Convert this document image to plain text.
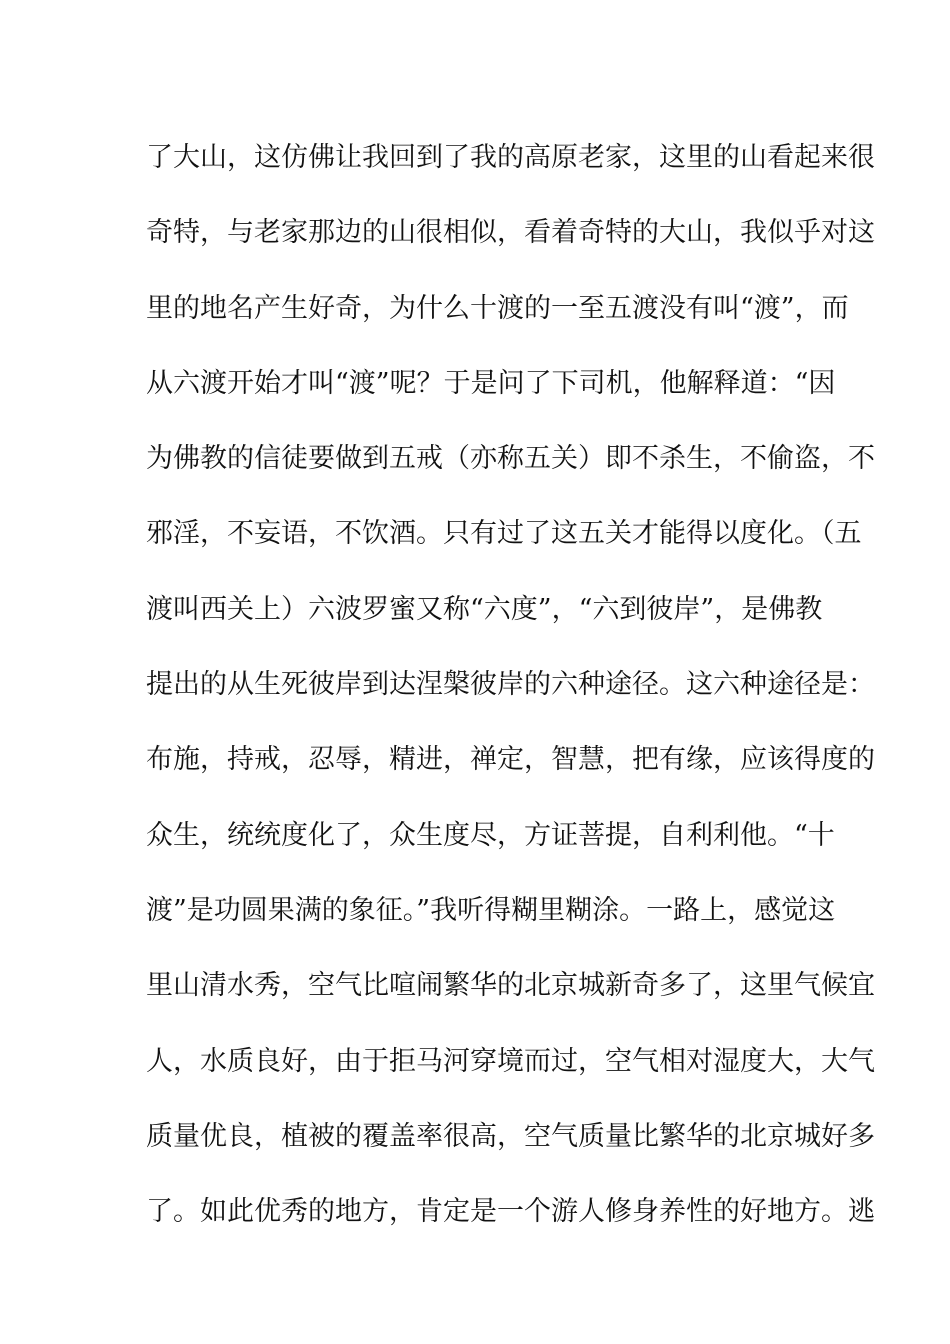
了大山，这仿佛让我回到了我的高原老家，这里的山看起来很
奇特，与老家那边的山很相似，看着奇特的大山，我似乎对这
里的地名产生好奇，为什么十渡的一至五渡没有叫“渡”，而
从六渡开始才叫“渡”呢？于是问了下司机，他解释道：“因
为佛教的信徒要做到五戒（亦称五关）即不杀生，不偷盗，不
邪淫，不妄语，不饮酒。只有过了这五关才能得以度化。（五
渡叫西关上）六波罗蜜又称“六度”，“六到彼岸”，是佛教
提出的从生死彼岸到达涅槃彼岸的六种途径。这六种途径是：
布施，持戒，忍辱，精进，禅定，智慧，把有缘，应该得度的
众生，统统度化了，众生度尽，方证菩提，自利利他。“十
渡”是功圆果满的象征。”我听得糊里糊涂。一路上，感觉这
里山清水秀，空气比喧闹繁华的北京城新奇多了，这里气候宜
人，水质良好，由于拒马河穿境而过，空气相对湿度大，大气
质量优良，植被的覆盖率很高，空气质量比繁华的北京城好多
了。如此优秀的地方，肯定是一个游人修身养性的好地方。逃
